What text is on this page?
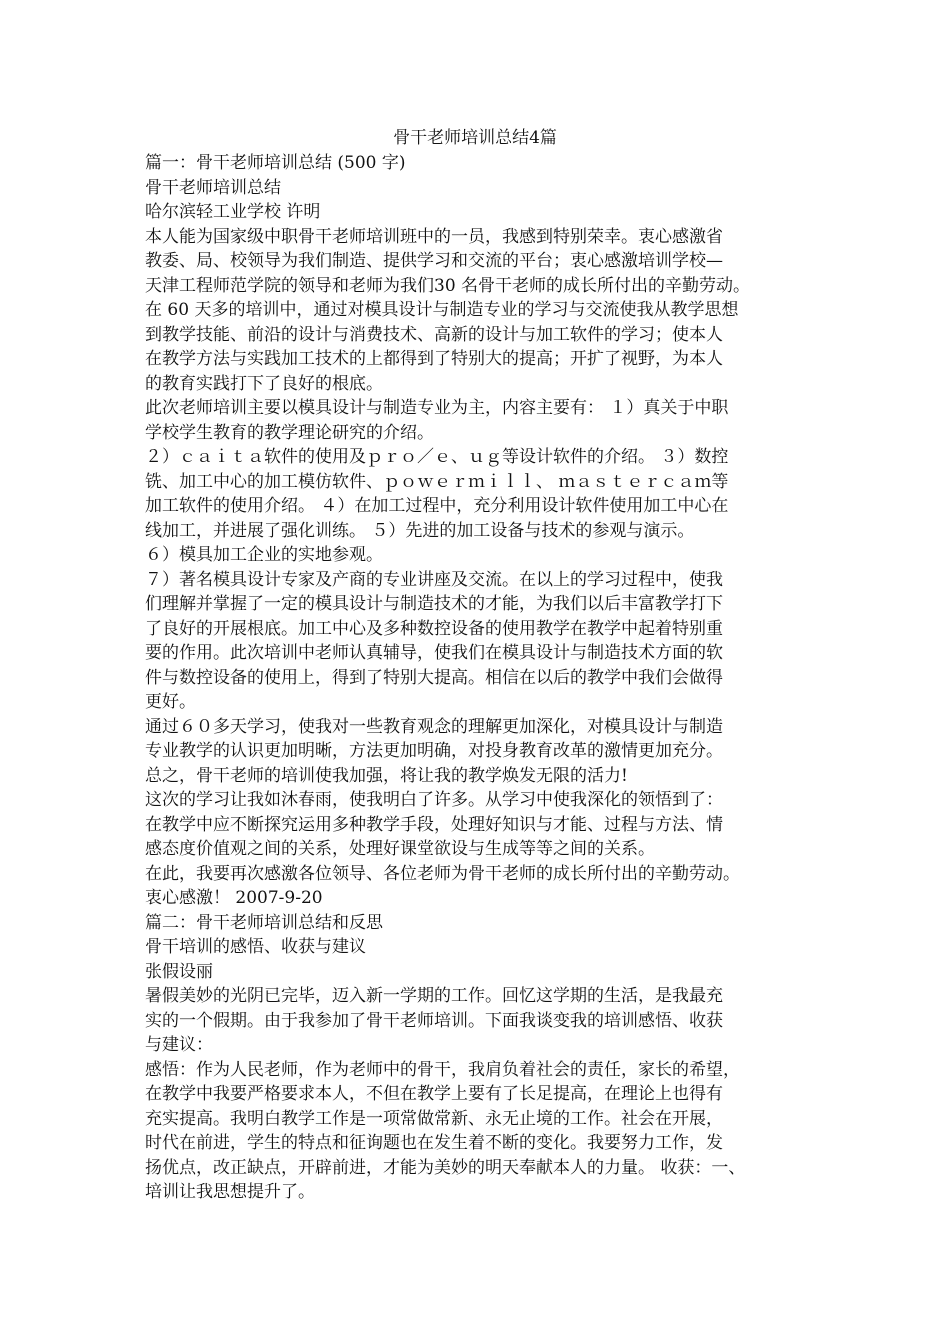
骨干老师培训总结4篇
篇一：骨干老师培训总结 (500 字)
骨干老师培训总结
哈尔滨轻工业学校 许明
本人能为国家级中职骨干老师培训班中的一员，我感到特别荣幸。衷心感激省
教委、局、校领导为我们制造、提供学习和交流的平台；衷心感激培训学校—
天津工程师范学院的领导和老师为我们30 名骨干老师的成长所付出的辛勤劳动。
在 60 天多的培训中，通过对模具设计与制造专业的学习与交流使我从教学思想
到教学技能、前沿的设计与消费技术、高新的设计与加工软件的学习；使本人
在教学方法与实践加工技术的上都得到了特别大的提高；开扩了视野，为本人
的教育实践打下了良好的根底。
此次老师培训主要以模具设计与制造专业为主，内容主要有： １）真关于中职
学校学生教育的教学理论研究的介绍。
２）ｃａｉｔａ软件的使用及ｐｒｏ／ｅ、ｕｇ等设计软件的介绍。 ３）数控
铣、加工中心的加工模仿软件、ｐｏｗｅｒｍｉｌｌ、 ｍａｓｔｅｒｃａｍ等
加工软件的使用介绍。 ４）在加工过程中，充分利用设计软件使用加工中心在
线加工，并进展了强化训练。 ５）先进的加工设备与技术的参观与演示。
６）模具加工企业的实地参观。
７）著名模具设计专家及产商的专业讲座及交流。在以上的学习过程中，使我
们理解并掌握了一定的模具设计与制造技术的才能，为我们以后丰富教学打下
了良好的开展根底。加工中心及多种数控设备的使用教学在教学中起着特别重
要的作用。此次培训中老师认真辅导，使我们在模具设计与制造技术方面的软
件与数控设备的使用上，得到了特别大提高。相信在以后的教学中我们会做得
更好。
通过６０多天学习，使我对一些教育观念的理解更加深化，对模具设计与制造
专业教学的认识更加明晰，方法更加明确，对投身教育改革的激情更加充分。
总之，骨干老师的培训使我加强，将让我的教学焕发无限的活力!
这次的学习让我如沐春雨，使我明白了许多。从学习中使我深化的领悟到了：
在教学中应不断探究运用多种教学手段，处理好知识与才能、过程与方法、情
感态度价值观之间的关系，处理好课堂欲设与生成等等之间的关系。
在此，我要再次感激各位领导、各位老师为骨干老师的成长所付出的辛勤劳动。
衷心感激！ 2007-9-20
篇二：骨干老师培训总结和反思
骨干培训的感悟、收获与建议
张假设丽
暑假美妙的光阴已完毕，迈入新一学期的工作。回忆这学期的生活，是我最充
实的一个假期。由于我参加了骨干老师培训。下面我谈变我的培训感悟、收获
与建议：
感悟：作为人民老师，作为老师中的骨干，我肩负着社会的责任，家长的希望，
在教学中我要严格要求本人，不但在教学上要有了长足提高，在理论上也得有
充实提高。我明白教学工作是一项常做常新、永无止境的工作。社会在开展，
时代在前进，学生的特点和征询题也在发生着不断的变化。我要努力工作，发
扬优点，改正缺点，开辟前进，才能为美妙的明天奉献本人的力量。 收获：一、
培训让我思想提升了。
